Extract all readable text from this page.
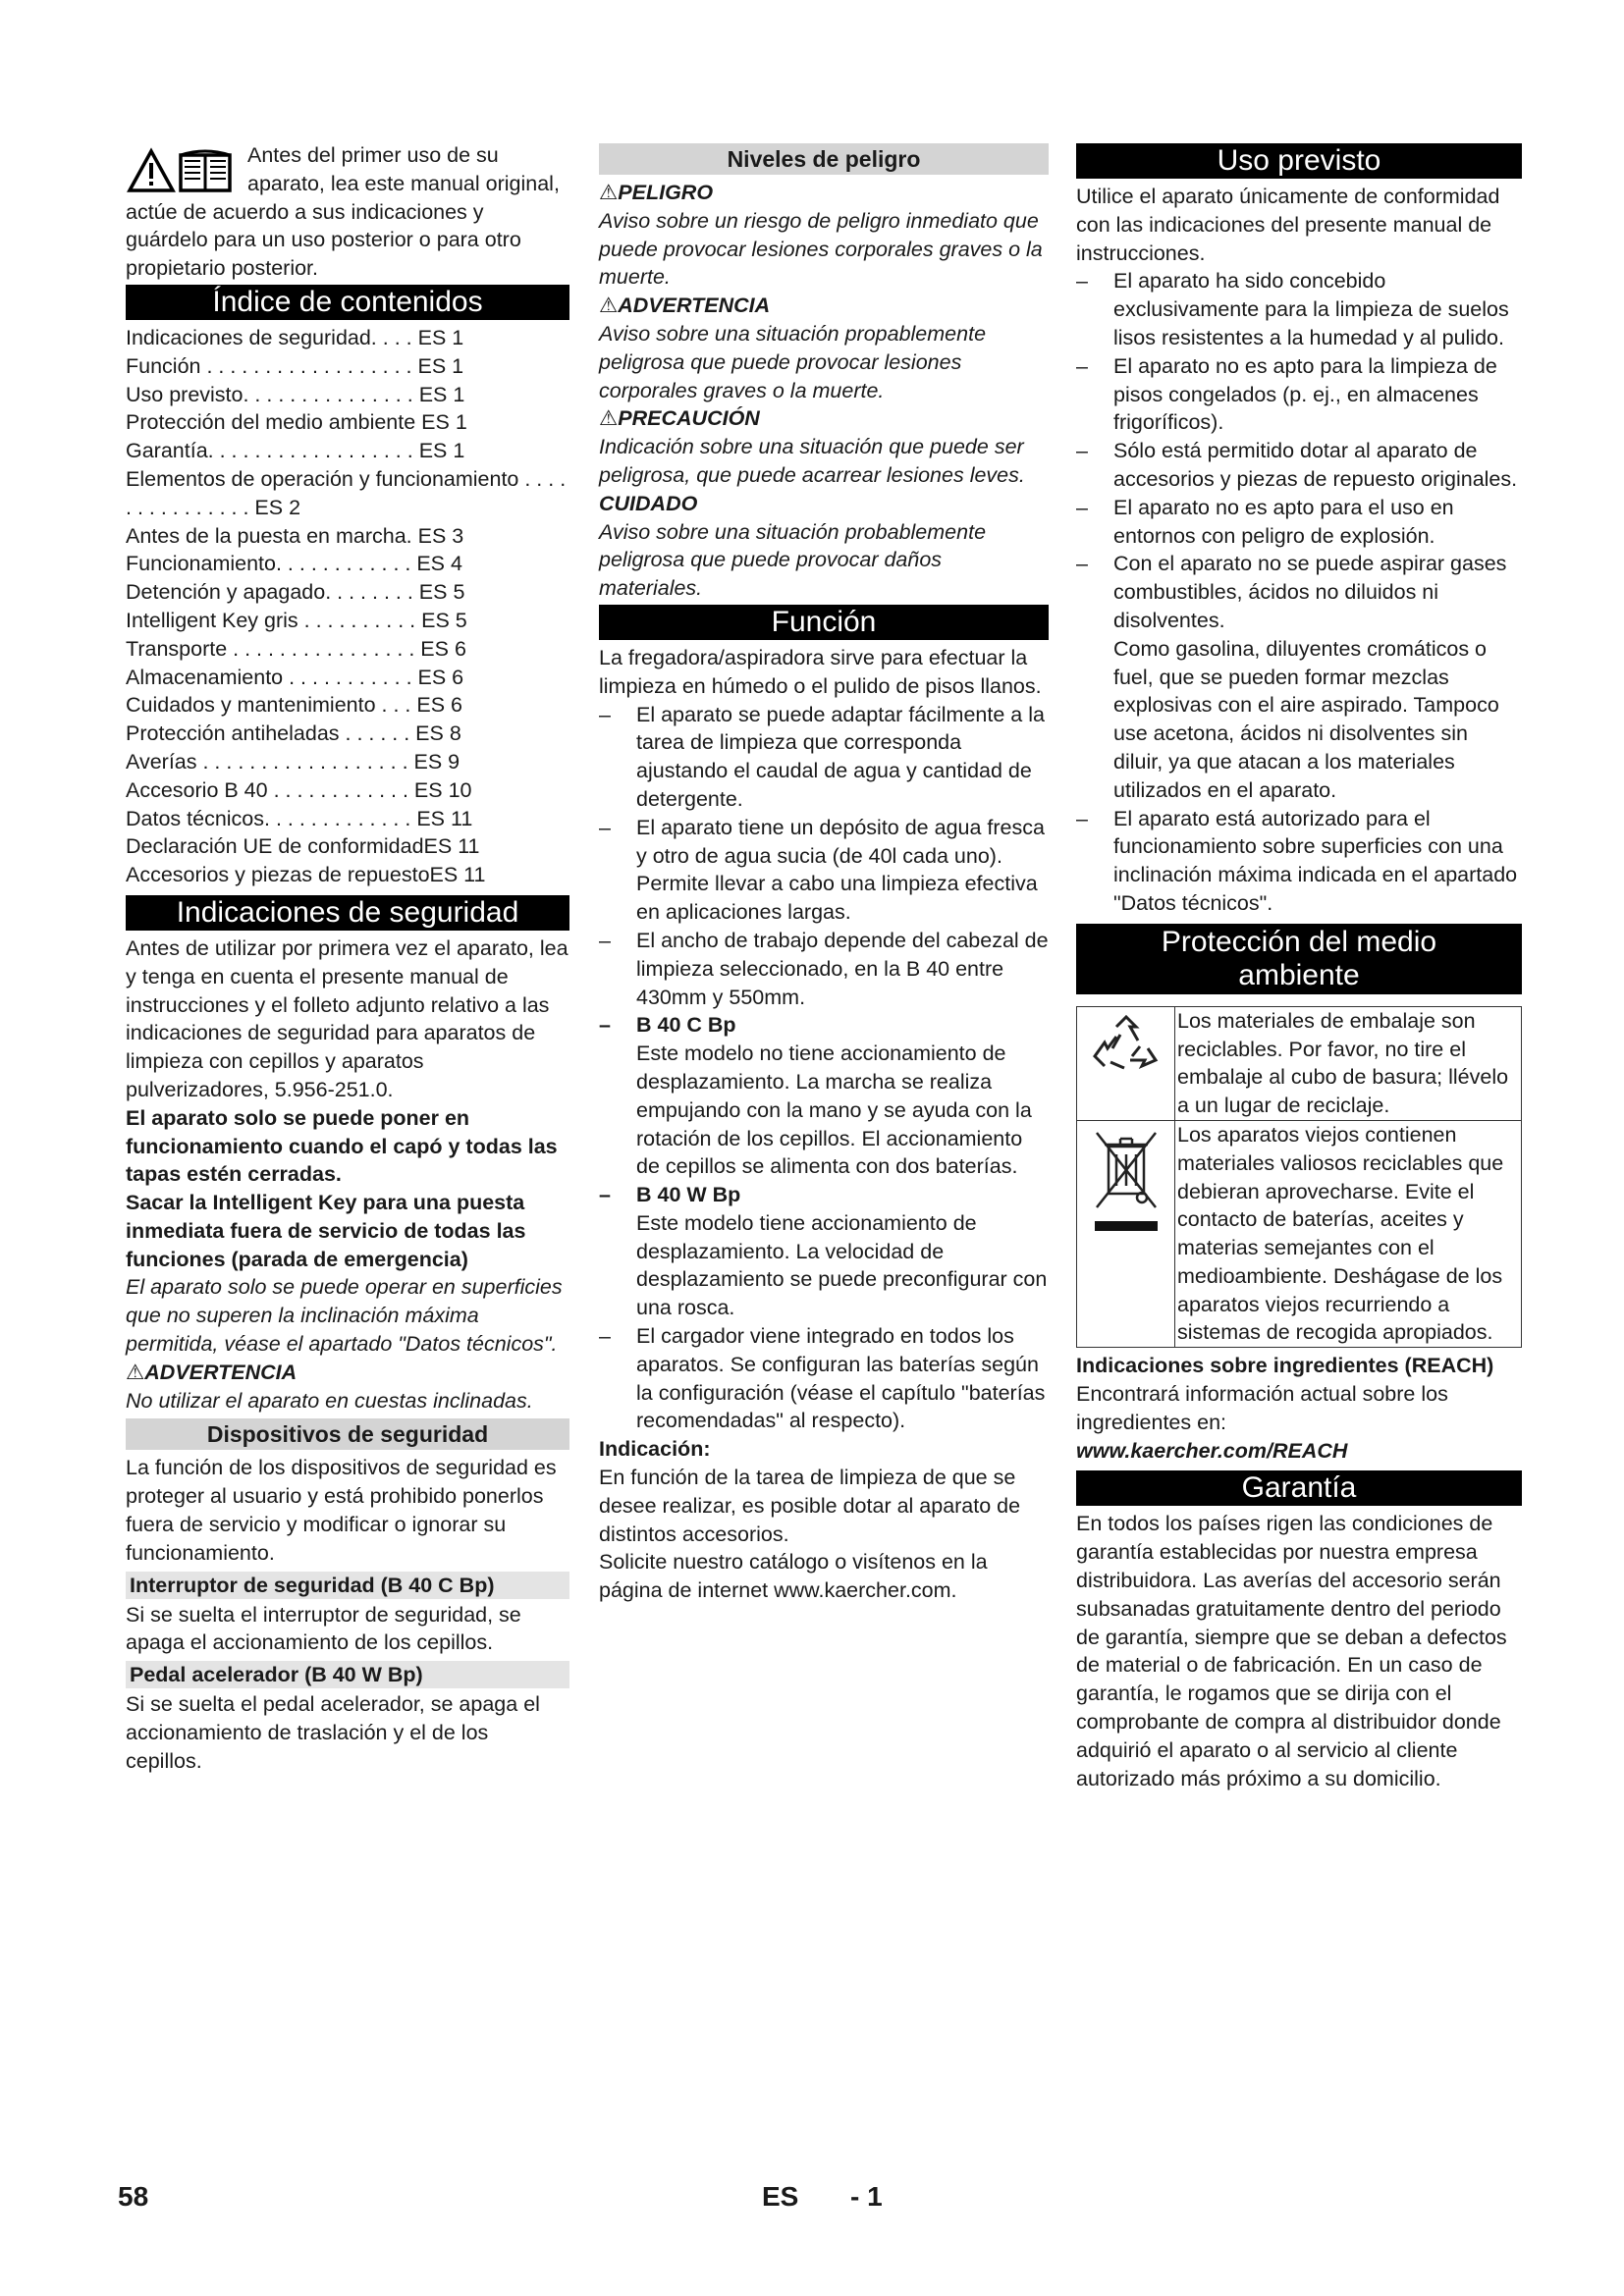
Antes del primer uso de su aparato, lea este manual original, actúe de acuerdo a sus indicaciones y guárdelo para un uso posterior o para otro propietario posterior.

Índice de contenidos
Indicaciones de seguridad. . . . ES 1
Función . . . . . . . . . . . . . . . . . . ES 1
Uso previsto. . . . . . . . . . . . . . . ES 1
Protección del medio ambiente ES 1
Garantía. . . . . . . . . . . . . . . . . . ES 1
Elementos de operación y funcionamiento . . . . . . . . . . . . . . . ES 2
Antes de la puesta en marcha. ES 3
Funcionamiento. . . . . . . . . . . . ES 4
Detención y apagado. . . . . . . . ES 5
Intelligent Key gris . . . . . . . . . . ES 5
Transporte . . . . . . . . . . . . . . . . ES 6
Almacenamiento . . . . . . . . . . . ES 6
Cuidados y mantenimiento . . . ES 6
Protección antiheladas . . . . . . ES 8
Averías . . . . . . . . . . . . . . . . . . ES 9
Accesorio B 40 . . . . . . . . . . . . ES 10
Datos técnicos. . . . . . . . . . . . . ES 11
Declaración UE de conformidadES 11
Accesorios y piezas de repuestoES 11
Indicaciones de seguridad

Antes de utilizar por primera vez el aparato, lea y tenga en cuenta el presente manual de instrucciones y el folleto adjunto relativo a las indicaciones de seguridad para aparatos de limpieza con cepillos y aparatos pulverizadores, 5.956-251.0.

El aparato solo se puede poner en funcionamiento cuando el capó y todas las tapas estén cerradas.

Sacar la Intelligent Key para una puesta inmediata fuera de servicio de todas las funciones (parada de emergencia)

El aparato solo se puede operar en superficies que no superen la inclinación máxima permitida, véase el apartado "Datos técnicos".

⚠ADVERTENCIA

No utilizar el aparato en cuestas inclinadas.

Dispositivos de seguridad

La función de los dispositivos de seguridad es proteger al usuario y está prohibido ponerlos fuera de servicio y modificar o ignorar su funcionamiento.

Interruptor de seguridad (B 40 C Bp)

Si se suelta el interruptor de seguridad, se apaga el accionamiento de los cepillos.

Pedal acelerador (B 40 W Bp)

Si se suelta el pedal acelerador, se apaga el accionamiento de traslación y el de los cepillos.

Niveles de peligro

⚠PELIGRO

Aviso sobre un riesgo de peligro inmediato que puede provocar lesiones corporales graves o la muerte.

⚠ADVERTENCIA

Aviso sobre una situación propablemente peligrosa que puede provocar lesiones corporales graves o la muerte.

⚠PRECAUCIÓN

Indicación sobre una situación que puede ser peligrosa, que puede acarrear lesiones leves.

CUIDADO

Aviso sobre una situación probablemente peligrosa que puede provocar daños materiales.

Función

La fregadora/aspiradora sirve para efectuar la limpieza en húmedo o el pulido de pisos llanos.

– El aparato se puede adaptar fácilmente a la tarea de limpieza que corresponda ajustando el caudal de agua y cantidad de detergente.

– El aparato tiene un depósito de agua fresca y otro de agua sucia (de 40l cada uno). Permite llevar a cabo una limpieza efectiva en aplicaciones largas.

– El ancho de trabajo depende del cabezal de limpieza seleccionado, en la B 40 entre 430mm y 550mm.

– B 40 C Bp

Este modelo no tiene accionamiento de desplazamiento. La marcha se realiza empujando con la mano y se ayuda con la rotación de los cepillos. El accionamiento de cepillos se alimenta con dos baterías.

– B 40 W Bp

Este modelo tiene accionamiento de desplazamiento. La velocidad de desplazamiento se puede preconfigurar con una rosca.

– El cargador viene integrado en todos los aparatos. Se configuran las baterías según la configuración (véase el capítulo "baterías recomendadas" al respecto).

Indicación:

En función de la tarea de limpieza de que se desee realizar, es posible dotar al aparato de distintos accesorios.

Solicite nuestro catálogo o visítenos en la página de internet www.kaercher.com.

Uso previsto

Utilice el aparato únicamente de conformidad con las indicaciones del presente manual de instrucciones.

– El aparato ha sido concebido exclusivamente para la limpieza de suelos lisos resistentes a la humedad y al pulido.

– El aparato no es apto para la limpieza de pisos congelados (p. ej., en almacenes frigoríficos).

– Sólo está permitido dotar al aparato de accesorios y piezas de repuesto originales.

– El aparato no es apto para el uso en entornos con peligro de explosión.

– Con el aparato no se puede aspirar gases combustibles, ácidos no diluidos ni disolventes.

Como gasolina, diluyentes cromáticos o fuel, que se pueden formar mezclas explosivas con el aire aspirado. Tampoco use acetona, ácidos ni disolventes sin diluir, ya que atacan a los materiales utilizados en el aparato.

– El aparato está autorizado para el funcionamiento sobre superficies con una inclinación máxima indicada en el apartado "Datos técnicos".

Protección del medio
ambiente
Los materiales de embalaje son reciclables. Por favor, no tire el embalaje al cubo de basura; llévelo a un lugar de reciclaje.
Los aparatos viejos contienen materiales valiosos reciclables que debieran aprovecharse. Evite el contacto de baterías, aceites y materias semejantes con el medioambiente. Deshágase de los aparatos viejos recurriendo a sistemas de recogida apropiados.

Indicaciones sobre ingredientes (REACH)

Encontrará información actual sobre los ingredientes en:

www.kaercher.com/REACH

Garantía

En todos los países rigen las condiciones de garantía establecidas por nuestra empresa distribuidora. Las averías del accesorio serán subsanadas gratuitamente dentro del periodo de garantía, siempre que se deban a defectos de material o de fabricación. En un caso de garantía, le rogamos que se dirija con el comprobante de compra al distribuidor donde adquirió el aparato o al servicio al cliente autorizado más próximo a su domicilio.

58	ES - 1
